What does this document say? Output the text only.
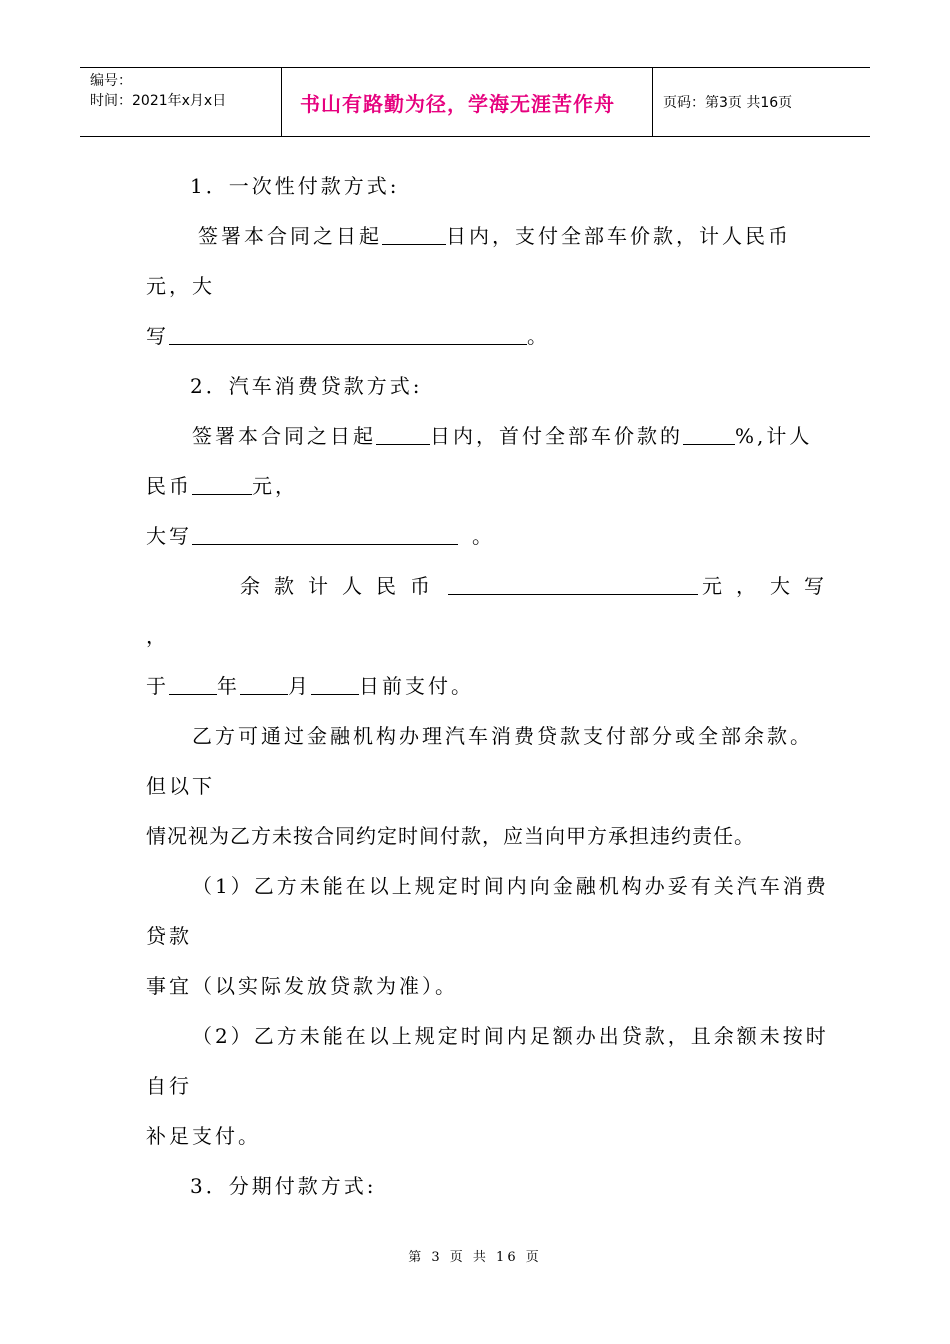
编号：
时间：2021年x月x日	书山有路勤为径，学海无涯苦作舟	页码：第3页 共16页
1．一次性付款方式:
签署本合同之日起	日内，支付全部车价款，计人民币
元，大
写	。
2．汽车消费贷款方式:
签署本合同之日起	日内，首付全部车价款的	%,计人
民币	元，
大写	。
余款计人民币	元，大写
，
于 年 月 日前支付。
乙方可通过金融机构办理汽车消费贷款支付部分或全部余款。
但以下
情况视为乙方未按合同约定时间付款，应当向甲方承担违约责任。
（1）乙方未能在以上规定时间内向金融机构办妥有关汽车消费
贷款
事宜（以实际发放贷款为准）。
（2）乙方未能在以上规定时间内足额办出贷款，且余额未按时
自行
补足支付。
3．分期付款方式:
第 3 页 共 16 页
